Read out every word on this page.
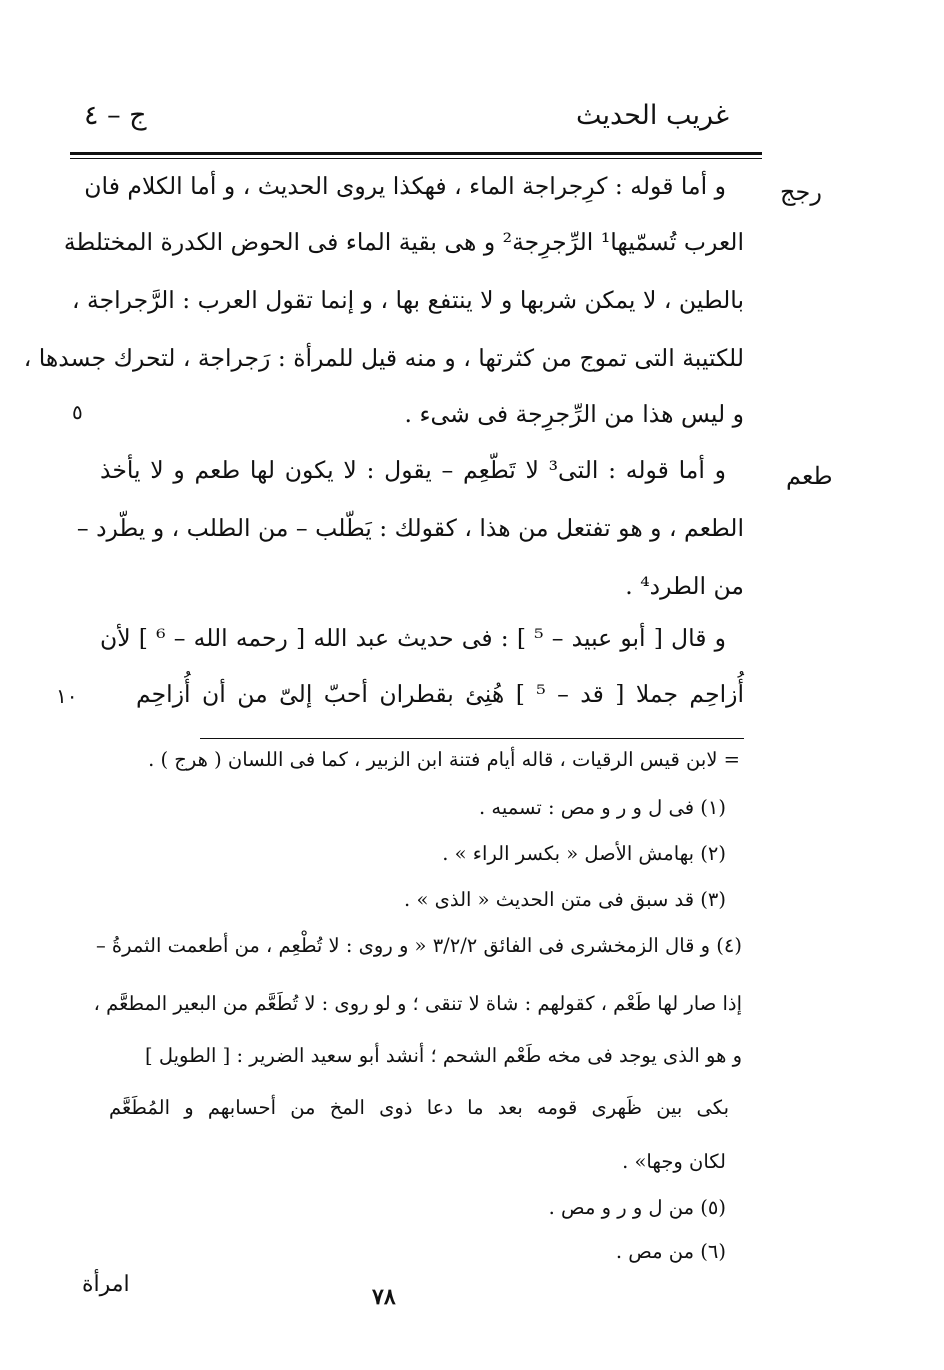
غريب الحديث
ج – ٤
رجج
طعم
٥
١٠
و أما قوله : كرِجراجة الماء ، فهكذا يروى الحديث ، و أما الكلام فان
العرب تُسمّيها¹ الرِّجرِجة² و هى بقية الماء فى الحوض الكدرة المختلطة
بالطين ، لا يمكن شربها و لا ينتفع بها ، و إنما تقول العرب : الرَّجراجة ،
للكتيبة التى تموج من كثرتها ، و منه قيل للمرأة : رَجراجة ، لتحرك جسدها ،
و ليس هذا من الرِّجرِجة فى شىء .
و أما قوله : التى³ لا تَطّعِم – يقول : لا يكون لها طعم و لا يأخذ
الطعم ، و هو تفتعل من هذا ، كقولك : يَطّلب – من الطلب ، و يطّرد –
من الطرد⁴ .
و قال [ أبو عبيد – ⁵ ] : فى حديث عبد الله [ رحمه الله – ⁶ ] لأن
أُزاحِم جملا [ قد – ⁵ ] هُنِئ بقطران أحبّ إلىّ من أن أُزاحِم
= لابن قيس الرقيات ، قاله أيام فتنة ابن الزبير ، كما فى اللسان ( هرج ) .
(١) فى ل و ر و مص : تسميه .
(٢) بهامش الأصل « بكسر الراء » .
(٣) قد سبق فى متن الحديث « الذى » .
(٤) و قال الزمخشرى فى الفائق ٣/٢/٢ « و روى : لا تُطْعِم ، من أطعمت الثمرةُ –
إذا صار لها طَعْم ، كقولهم : شاة لا تنقى ؛ و لو روى : لا تُطَعَّم من البعير المطعَّم ،
و هو الذى يوجد فى مخه طَعْم الشحم ؛ أنشد أبو سعيد الضرير : [ الطويل ]
بكى بين ظَهرى قومه بعد ما دعا ذوى المخ من أحسابهم و المُطَعَّم
لكان وجها» .
(٥) من ل و ر و مص .
(٦) من مص .
امرأة	٧٨
